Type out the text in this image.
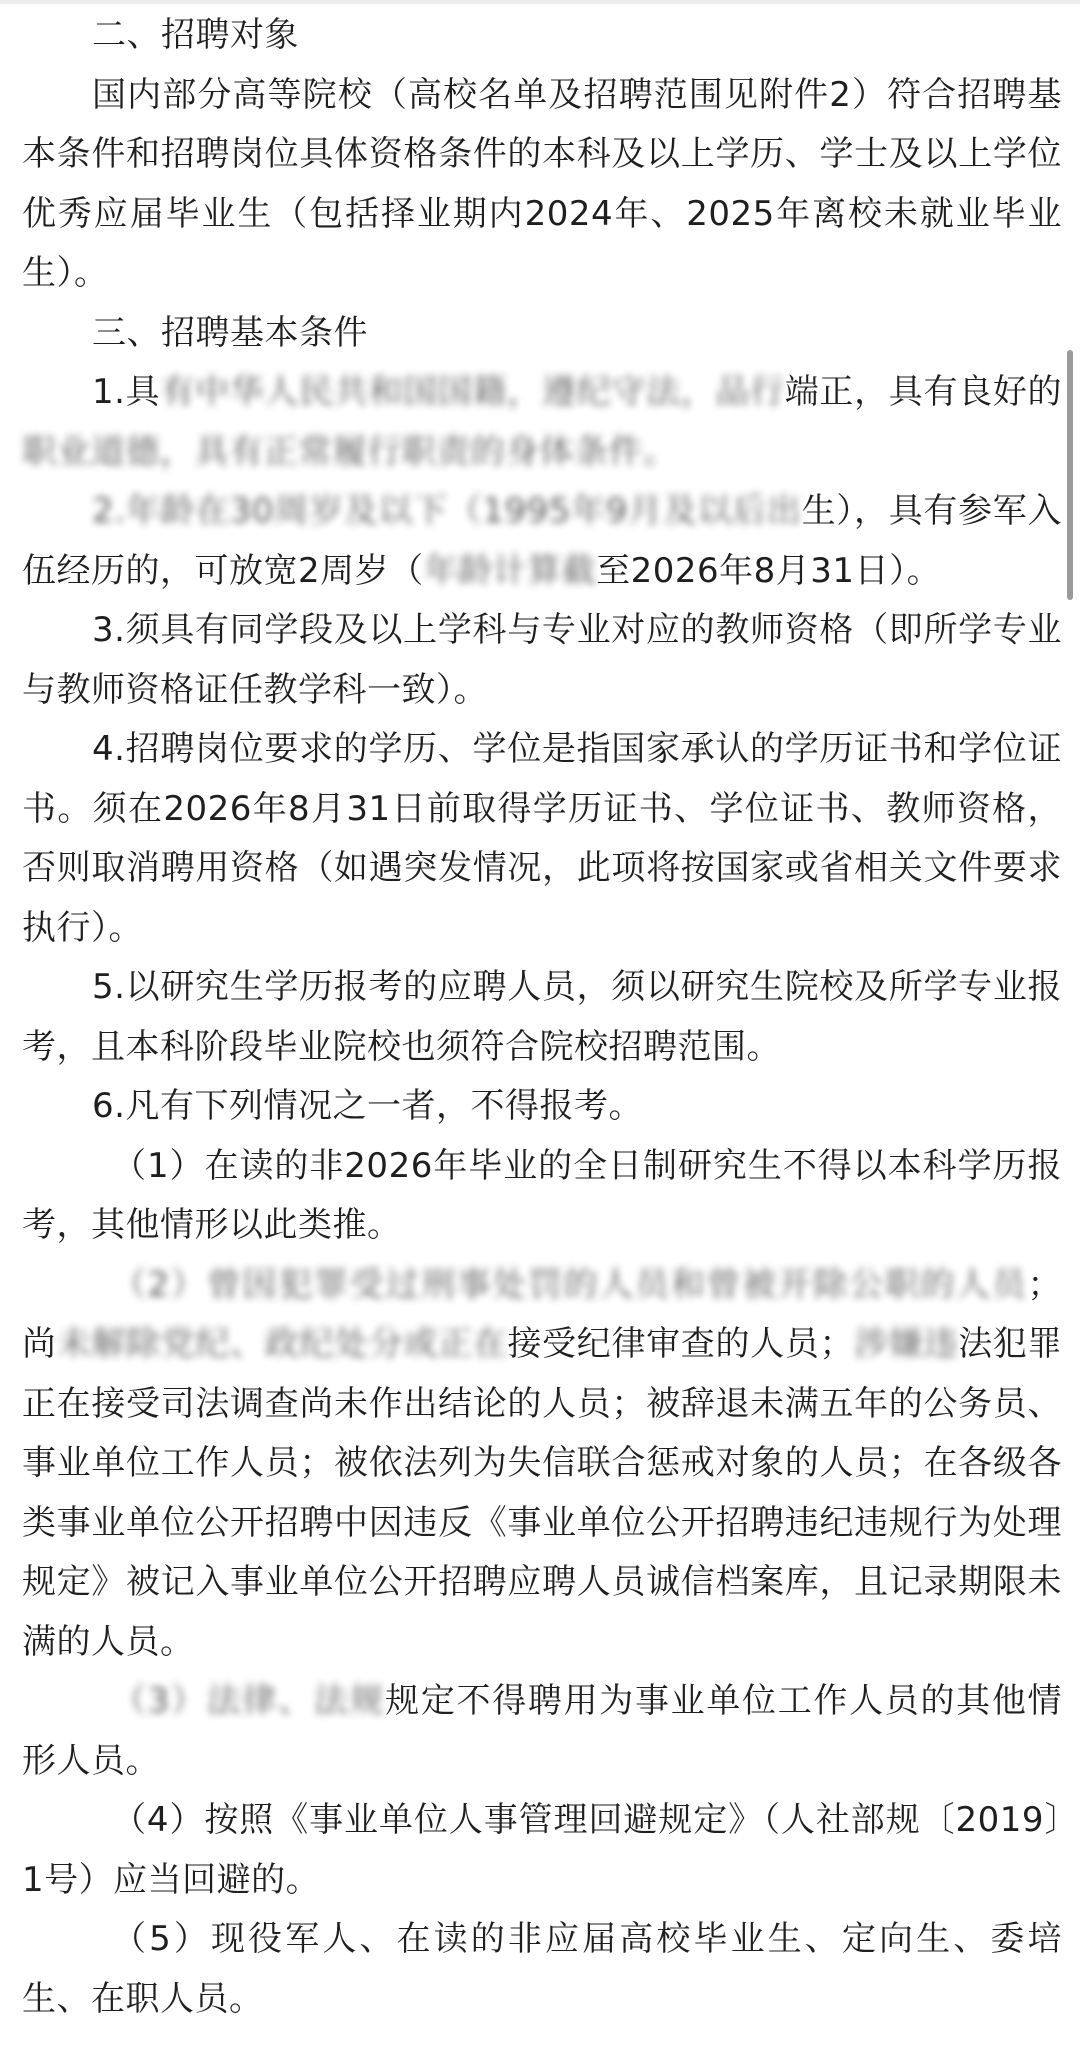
二、招聘对象

国内部分高等院校（高校名单及招聘范围见附件2）符合招聘基本条件和招聘岗位具体资格条件的本科及以上学历、学士及以上学位优秀应届毕业生（包括择业期内2024年、2025年离校未就业毕业生）。

三、招聘基本条件

1.具有中华人民共和国国籍，遵纪守法，品行端正，具有良好的职业道德，具有正常履行职责的身体条件。

2.年龄在30周岁及以下（1995年9月及以后出生），具有参军入伍经历的，可放宽2周岁（年龄计算截至2026年8月31日）。

3.须具有同学段及以上学科与专业对应的教师资格（即所学专业与教师资格证任教学科一致）。

4.招聘岗位要求的学历、学位是指国家承认的学历证书和学位证书。须在2026年8月31日前取得学历证书、学位证书、教师资格，否则取消聘用资格（如遇突发情况，此项将按国家或省相关文件要求执行）。

5.以研究生学历报考的应聘人员，须以研究生院校及所学专业报考，且本科阶段毕业院校也须符合院校招聘范围。

6.凡有下列情况之一者，不得报考。

（1）在读的非2026年毕业的全日制研究生不得以本科学历报考，其他情形以此类推。

（2）曾因犯罪受过刑事处罚的人员和曾被开除公职的人员；尚未解除党纪、政纪处分或正在接受纪律审查的人员；涉嫌违法犯罪正在接受司法调查尚未作出结论的人员；被辞退未满五年的公务员、事业单位工作人员；被依法列为失信联合惩戒对象的人员；在各级各类事业单位公开招聘中因违反《事业单位公开招聘违纪违规行为处理规定》被记入事业单位公开招聘应聘人员诚信档案库，且记录期限未满的人员。

（3）法律、法规规定不得聘用为事业单位工作人员的其他情形人员。

（4）按照《事业单位人事管理回避规定》（人社部规〔2019〕1号）应当回避的。

（5）现役军人、在读的非应届高校毕业生、定向生、委培生、在职人员。
